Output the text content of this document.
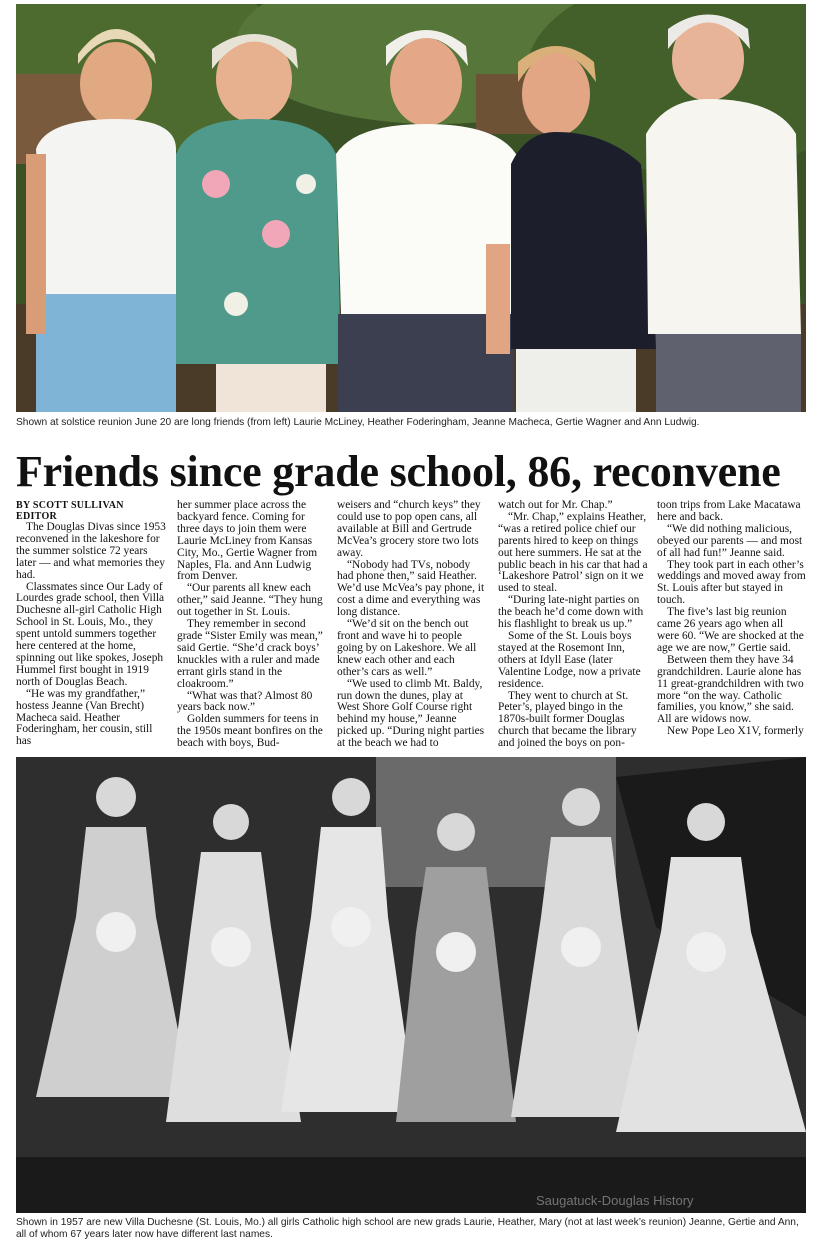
Shown at solstice reunion June 20 are long friends (from left) Laurie McLiney, Heather Foderingham, Jeanne Macheca, Gertie Wagner and Ann Ludwig.
Friends since grade school, 86, reconvene

BY SCOTT SULLIVAN

EDITOR

The Douglas Divas since 1953 reconvened in the lakeshore for the summer solstice 72 years later — and what memories they had.

Classmates since Our Lady of Lourdes grade school, then Villa Duchesne all-girl Catholic High School in St. Louis, Mo., they spent untold summers together here centered at the home, spinning out like spokes, Joseph Hummel first bought in 1919 north of Douglas Beach.

“He was my grandfather,” hostess Jeanne (Van Brecht) Macheca said. Heather Foderingham, her cousin, still has

her summer place across the backyard fence. Coming for three days to join them were Laurie McLiney from Kansas City, Mo., Gertie Wagner from Naples, Fla. and Ann Ludwig from Denver.

“Our parents all knew each other,” said Jeanne. “They hung out together in St. Louis.

They remember in second grade “Sister Emily was mean,” said Gertie. “She’d crack boys’ knuckles with a ruler and made errant girls stand in the cloakroom.”

“What was that? Almost 80 years back now.”

Golden summers for teens in the 1950s meant bonfires on the beach with boys, Bud-

weisers and “church keys” they could use to pop open cans, all available at Bill and Gertrude McVea’s grocery store two lots away.

“Nobody had TVs, nobody had phone then,” said Heather. We’d use McVea’s pay phone, it cost a dime and everything was long distance.

“We’d sit on the bench out front and wave hi to people going by on Lakeshore. We all knew each other and each other’s cars as well.”

“We used to climb Mt. Baldy, run down the dunes, play at West Shore Golf Course right behind my house,” Jeanne picked up. “During night parties at the beach we had to

watch out for Mr. Chap.”

“Mr. Chap,” explains Heather, “was a retired police chief our parents hired to keep on things out here summers. He sat at the public beach in his car that had a ‘Lakeshore Patrol’ sign on it we used to steal.

“During late-night parties on the beach he’d come down with his flashlight to break us up.”

Some of the St. Louis boys stayed at the Rosemont Inn, others at Idyll Ease (later Valentine Lodge, now a private residence.

They went to church at St. Peter’s, played bingo in the 1870s-built former Douglas church that became the library and joined the boys on pon-

toon trips from Lake Macatawa here and back.

“We did nothing malicious, obeyed our parents — and most of all had fun!” Jeanne said.

They took part in each other’s weddings and moved away from St. Louis after but stayed in touch.

The five’s last big reunion came 26 years ago when all were 60. “We are shocked at the age we are now,” Gertie said.

Between them they have 34 grandchildren. Laurie alone has 11 great-grandchildren with two more “on the way. Catholic families, you know,” she said. All are widows now.

New Pope Leo X1V, formerly

Saugatuck-Douglas History
Shown in 1957 are new Villa Duchesne (St. Louis, Mo.) all girls Catholic high school are new grads Laurie, Heather, Mary (not at last week’s reunion) Jeanne, Gertie and Ann, all of whom 67 years later now have different last names.
